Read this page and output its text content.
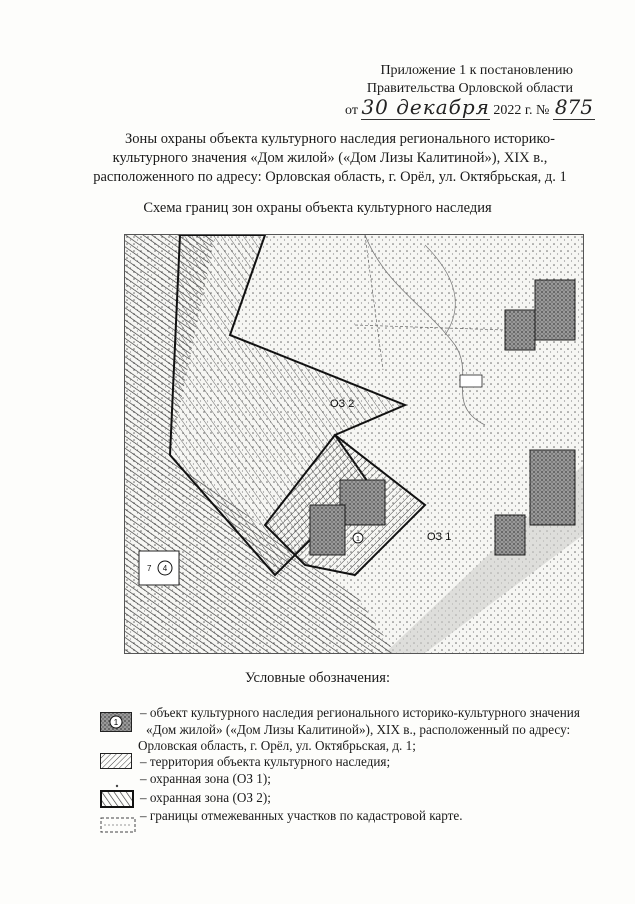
Приложение 1 к постановлению
Правительства Орловской области
от 30 декабря 2022 г. № 875
Зоны охраны объекта культурного наследия регионального историко-
культурного значения «Дом жилой» («Дом Лизы Калитиной»), XIX в.,
расположенного по адресу: Орловская область, г. Орёл, ул. Октябрьская, д. 1
Схема границ зон охраны объекта культурного наследия
1
ОЗ 2
ОЗ 1
7 4
Условные обозначения:
1
– объект культурного наследия регионального историко-культурного значения
«Дом жилой» («Дом Лизы Калитиной»), XIX в., расположенный по адресу:
Орловская область, г. Орёл, ул. Октябрьская, д. 1;
– территория объекта культурного наследия;
– охранная зона (ОЗ 1);
– охранная зона (ОЗ 2);
– границы отмежеванных участков по кадастровой карте.
